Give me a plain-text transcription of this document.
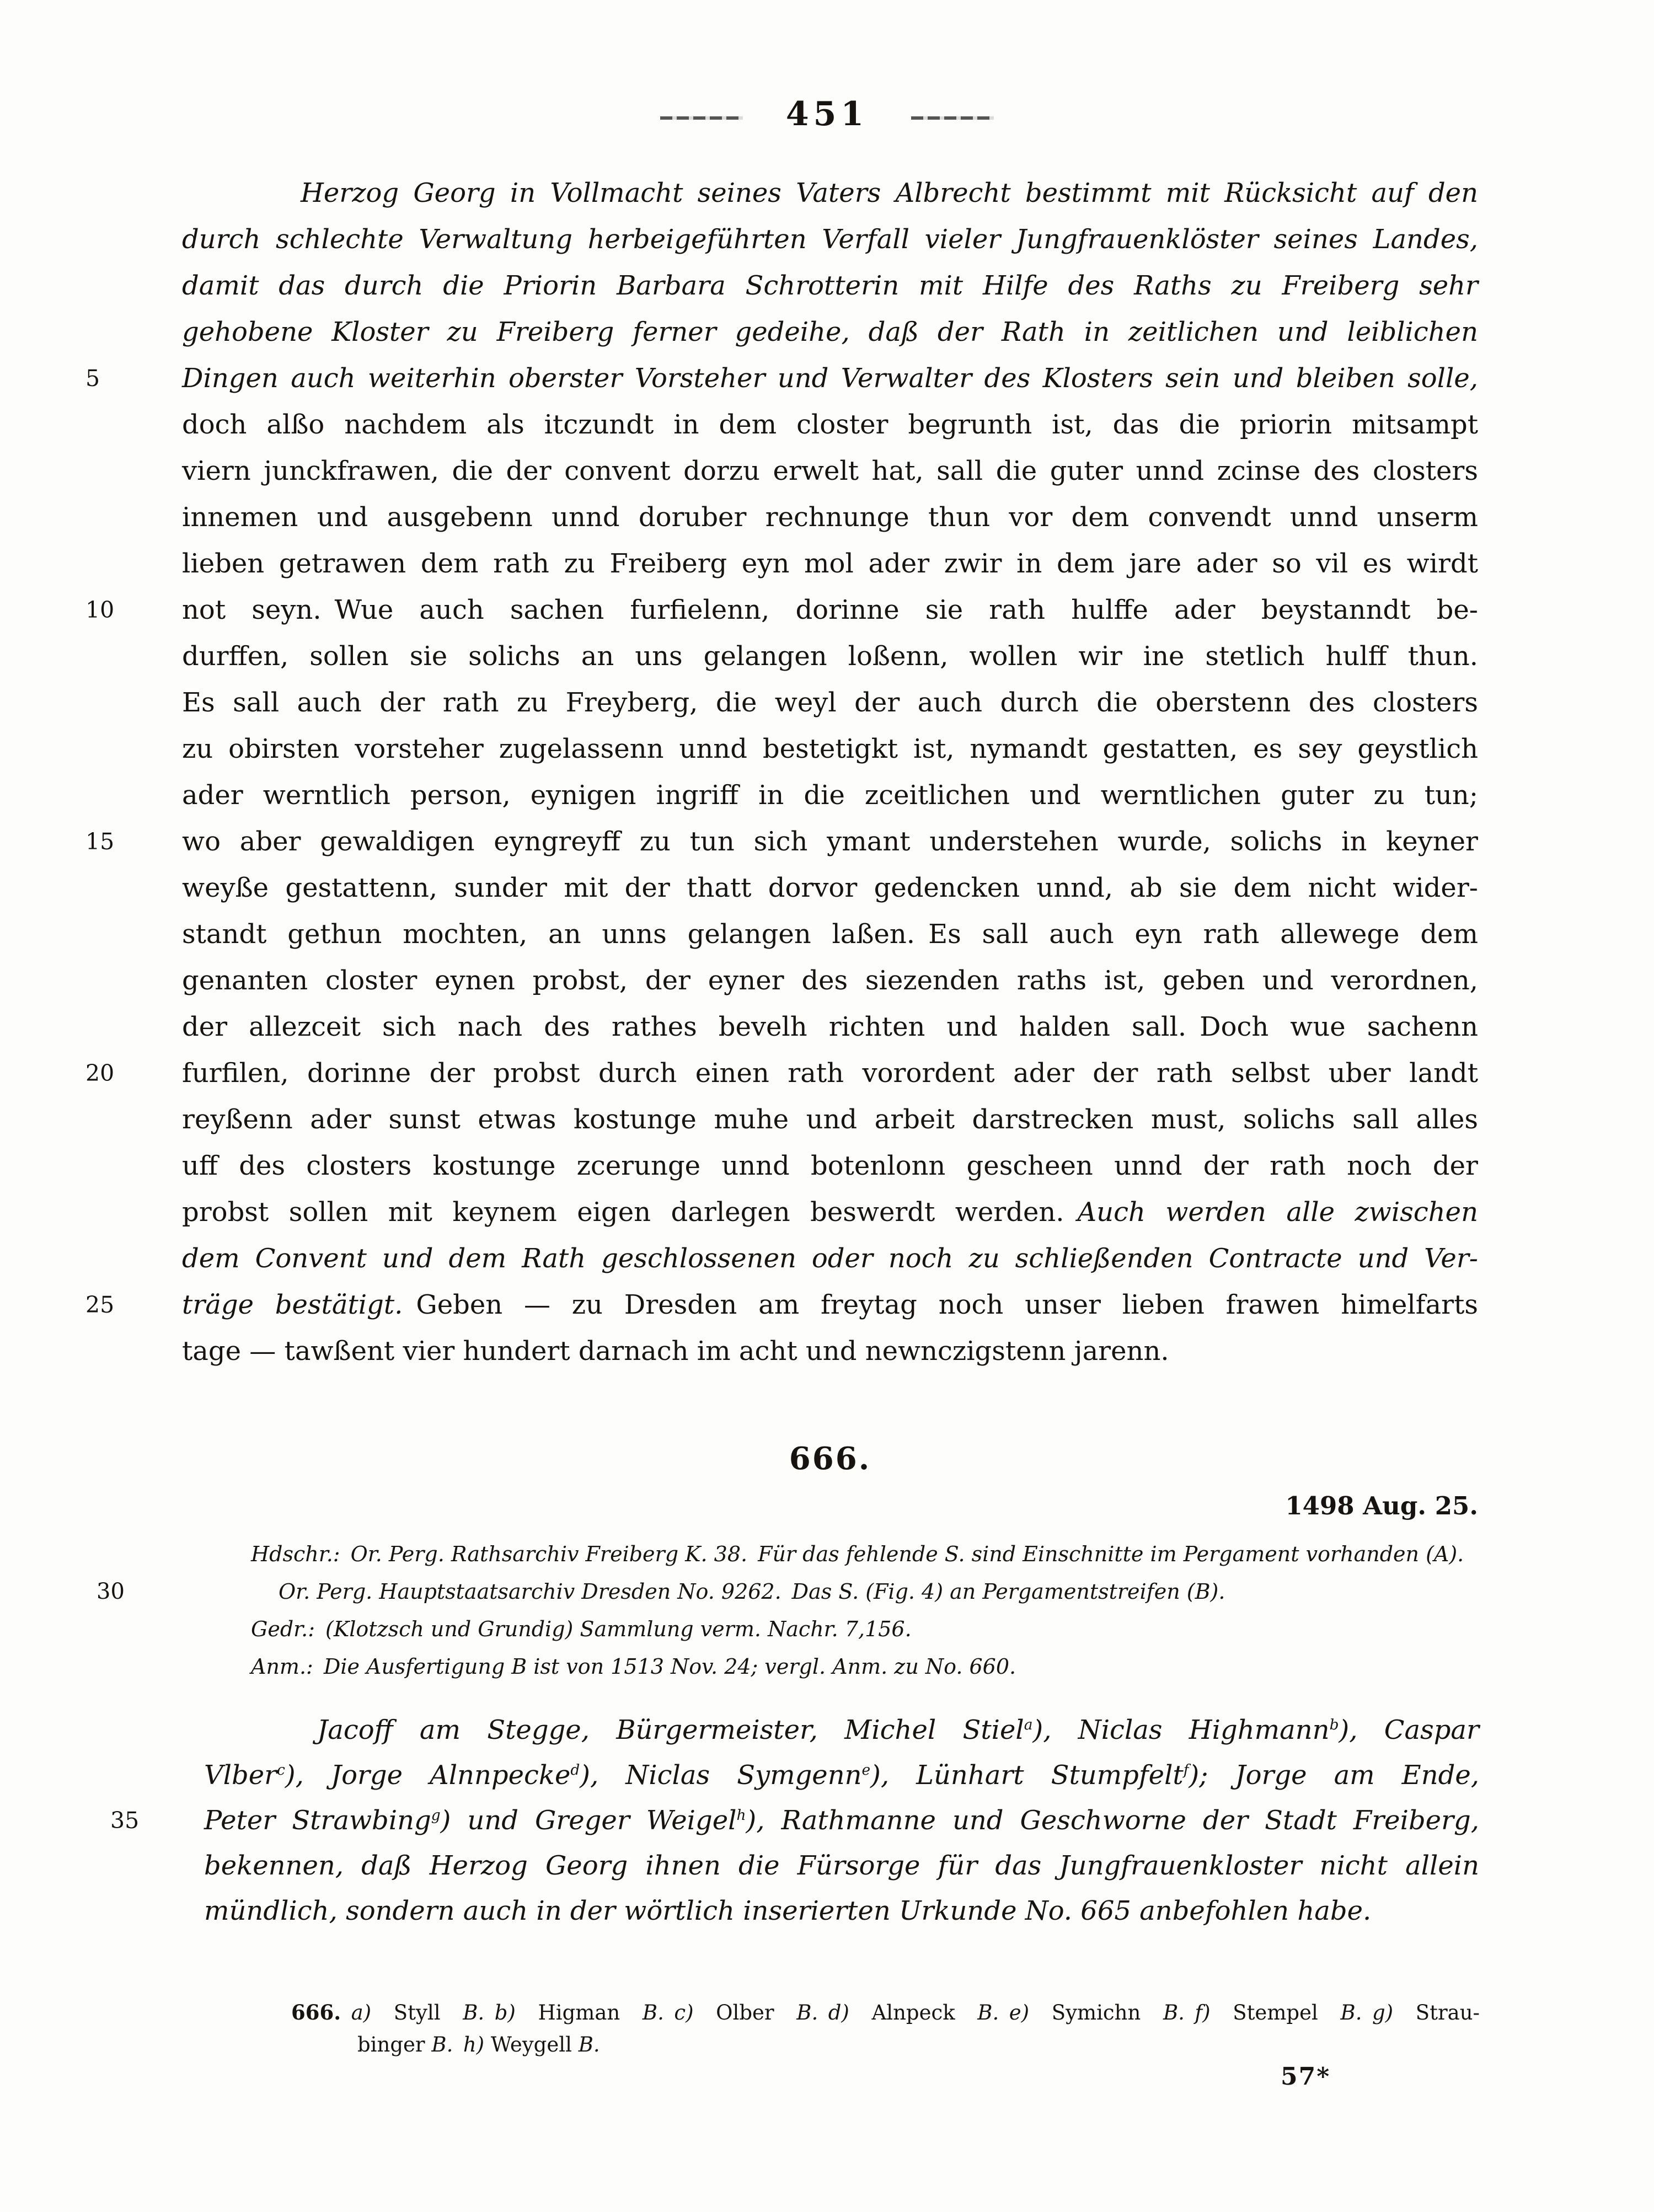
451
Herzog Georg in Vollmacht seines Vaters Albrecht bestimmt mit Rücksicht auf den
durch schlechte Verwaltung herbeigeführten Verfall vieler Jungfrauenklöster seines Landes,
damit das durch die Priorin Barbara Schrotterin mit Hilfe des Raths zu Freiberg sehr
gehobene Kloster zu Freiberg ferner gedeihe, daß der Rath in zeitlichen und leiblichen
5	Dingen auch weiterhin oberster Vorsteher und Verwalter des Klosters sein und bleiben solle,
doch alßo nachdem als itczundt in dem closter begrunth ist, das die priorin mitsampt
viern junckfrawen, die der convent dorzu erwelt hat, sall die guter unnd zcinse des closters
innemen und ausgebenn unnd doruber rechnunge thun vor dem convendt unnd unserm
lieben getrawen dem rath zu Freiberg eyn mol ader zwir in dem jare ader so vil es wirdt
10	not seyn. Wue auch sachen furfielenn, dorinne sie rath hulffe ader beystanndt be-
durffen, sollen sie solichs an uns gelangen loßenn, wollen wir ine stetlich hulff thun.
Es sall auch der rath zu Freyberg, die weyl der auch durch die oberstenn des closters
zu obirsten vorsteher zugelassenn unnd bestetigkt ist, nymandt gestatten, es sey geystlich
ader werntlich person, eynigen ingriff in die zceitlichen und werntlichen guter zu tun;
15	wo aber gewaldigen eyngreyff zu tun sich ymant understehen wurde, solichs in keyner
weyße gestattenn, sunder mit der thatt dorvor gedencken unnd, ab sie dem nicht wider-
standt gethun mochten, an unns gelangen laßen. Es sall auch eyn rath allewege dem
genanten closter eynen probst, der eyner des siezenden raths ist, geben und verordnen,
der allezceit sich nach des rathes bevelh richten und halden sall. Doch wue sachenn
20	furfilen, dorinne der probst durch einen rath vorordent ader der rath selbst uber landt
reyßenn ader sunst etwas kostunge muhe und arbeit darstrecken must, solichs sall alles
uff des closters kostunge zcerunge unnd botenlonn gescheen unnd der rath noch der
probst sollen mit keynem eigen darlegen beswerdt werden. Auch werden alle zwischen
dem Convent und dem Rath geschlossenen oder noch zu schließenden Contracte und Ver-
25	träge bestätigt. Geben — zu Dresden am freytag noch unser lieben frawen himelfarts
tage — tawßent vier hundert darnach im acht und newnczigstenn jarenn.
666.
1498 Aug. 25.
Hdschr.: Or. Perg. Rathsarchiv Freiberg K. 38. Für das fehlende S. sind Einschnitte im Pergament vorhanden (A).
30	Or. Perg. Hauptstaatsarchiv Dresden No. 9262. Das S. (Fig. 4) an Pergamentstreifen (B).
Gedr.: (Klotzsch und Grundig) Sammlung verm. Nachr. 7,156.
Anm.: Die Ausfertigung B ist von 1513 Nov. 24; vergl. Anm. zu No. 660.
Jacoff am Stegge, Bürgermeister, Michel Stiel$^a$), Niclas Highmann$^b$), Caspar
Vlber$^c$), Jorge Alnnpecke$^d$), Niclas Symgenn$^e$), Lünhart Stumpfelt$^f$); Jorge am Ende,
35	Peter Strawbing$^g$) und Greger Weigel$^h$), Rathmanne und Geschworne der Stadt Freiberg,
bekennen, daß Herzog Georg ihnen die Fürsorge für das Jungfrauenkloster nicht allein
mündlich, sondern auch in der wörtlich inserierten Urkunde No. 665 anbefohlen habe.
666. a) Styll B. b) Higman B. c) Olber B. d) Alnpeck B. e) Symichn B. f) Stempel B. g) Strau-
binger B. h) Weygell B.
57*
